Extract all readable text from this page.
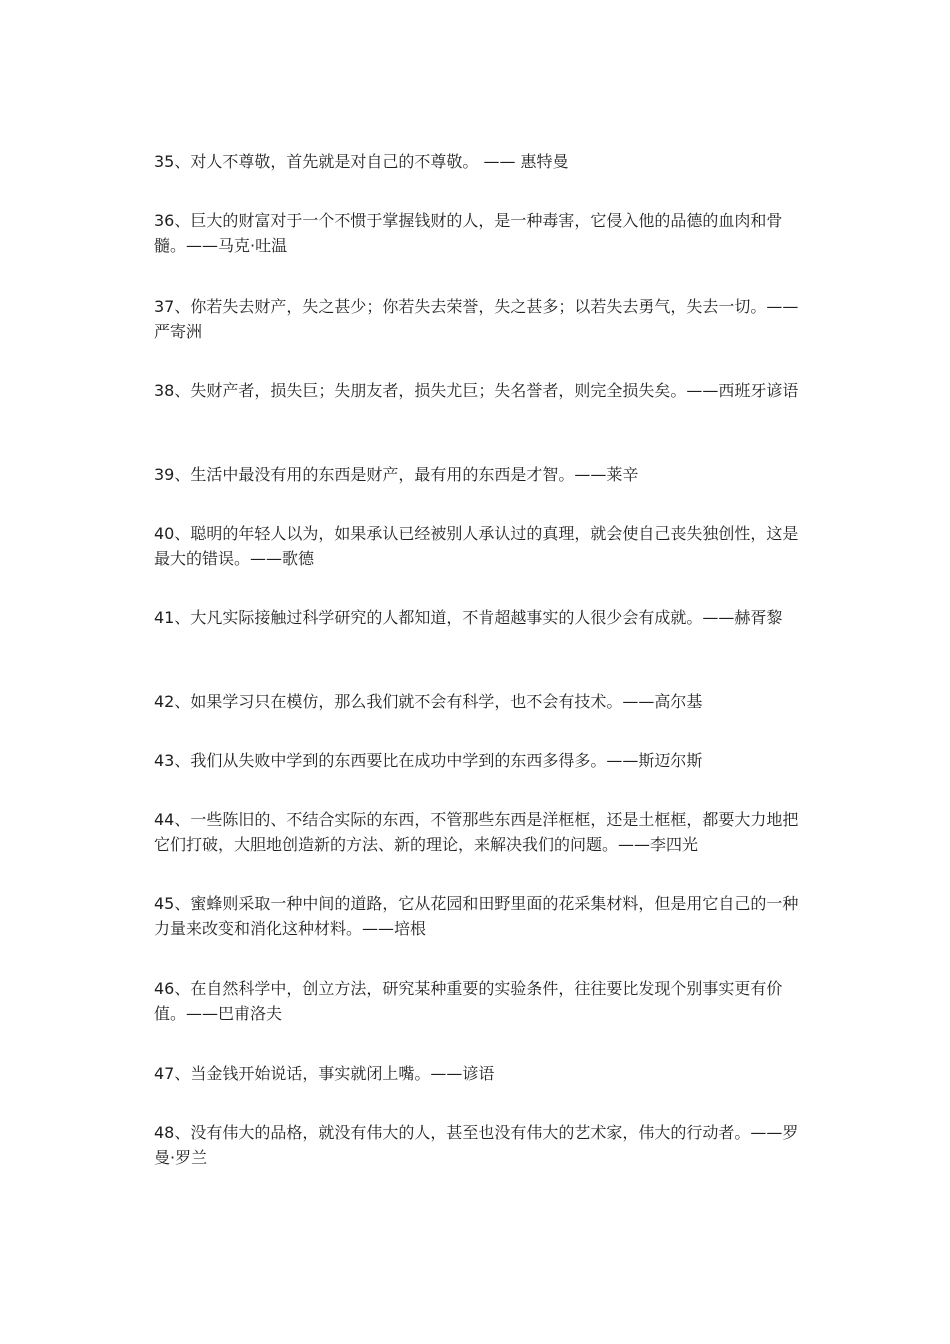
35、对人不尊敬，首先就是对自己的不尊敬。 —— 惠特曼

36、巨大的财富对于一个不惯于掌握钱财的人，是一种毒害，它侵入他的品德的血肉和骨髓。——马克·吐温

37、你若失去财产，失之甚少；你若失去荣誉，失之甚多；以若失去勇气，失去一切。——严寄洲

38、失财产者，损失巨；失朋友者，损失尤巨；失名誉者，则完全损失矣。——西班牙谚语

39、生活中最没有用的东西是财产，最有用的东西是才智。——莱辛

40、聪明的年轻人以为，如果承认已经被别人承认过的真理，就会使自己丧失独创性，这是最大的错误。——歌德

41、大凡实际接触过科学研究的人都知道，不肯超越事实的人很少会有成就。——赫胥黎

42、如果学习只在模仿，那么我们就不会有科学，也不会有技术。——高尔基

43、我们从失败中学到的东西要比在成功中学到的东西多得多。——斯迈尔斯

44、一些陈旧的、不结合实际的东西，不管那些东西是洋框框，还是土框框，都要大力地把它们打破，大胆地创造新的方法、新的理论，来解决我们的问题。——李四光

45、蜜蜂则采取一种中间的道路，它从花园和田野里面的花采集材料，但是用它自己的一种力量来改变和消化这种材料。——培根

46、在自然科学中，创立方法，研究某种重要的实验条件，往往要比发现个别事实更有价值。——巴甫洛夫

47、当金钱开始说话，事实就闭上嘴。——谚语

48、没有伟大的品格，就没有伟大的人，甚至也没有伟大的艺术家，伟大的行动者。——罗曼·罗兰
